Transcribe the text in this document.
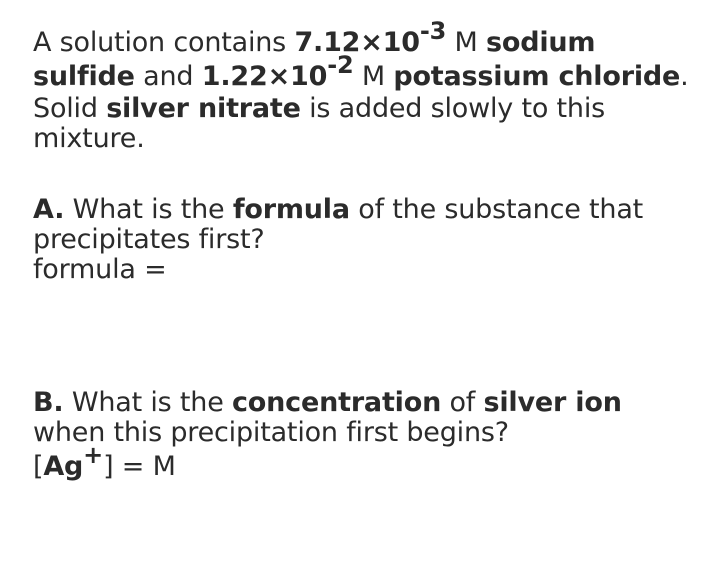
A solution contains $7.12\times 10^{-3}$ M sodium
sulfide and $1.22\times 10^{-2}$ M potassium chloride.
Solid silver nitrate is added slowly to this
mixture.
A. What is the formula of the substance that
precipitates first?
formula =
B. What is the concentration of silver ion
when this precipitation first begins?
[Ag+] = M
